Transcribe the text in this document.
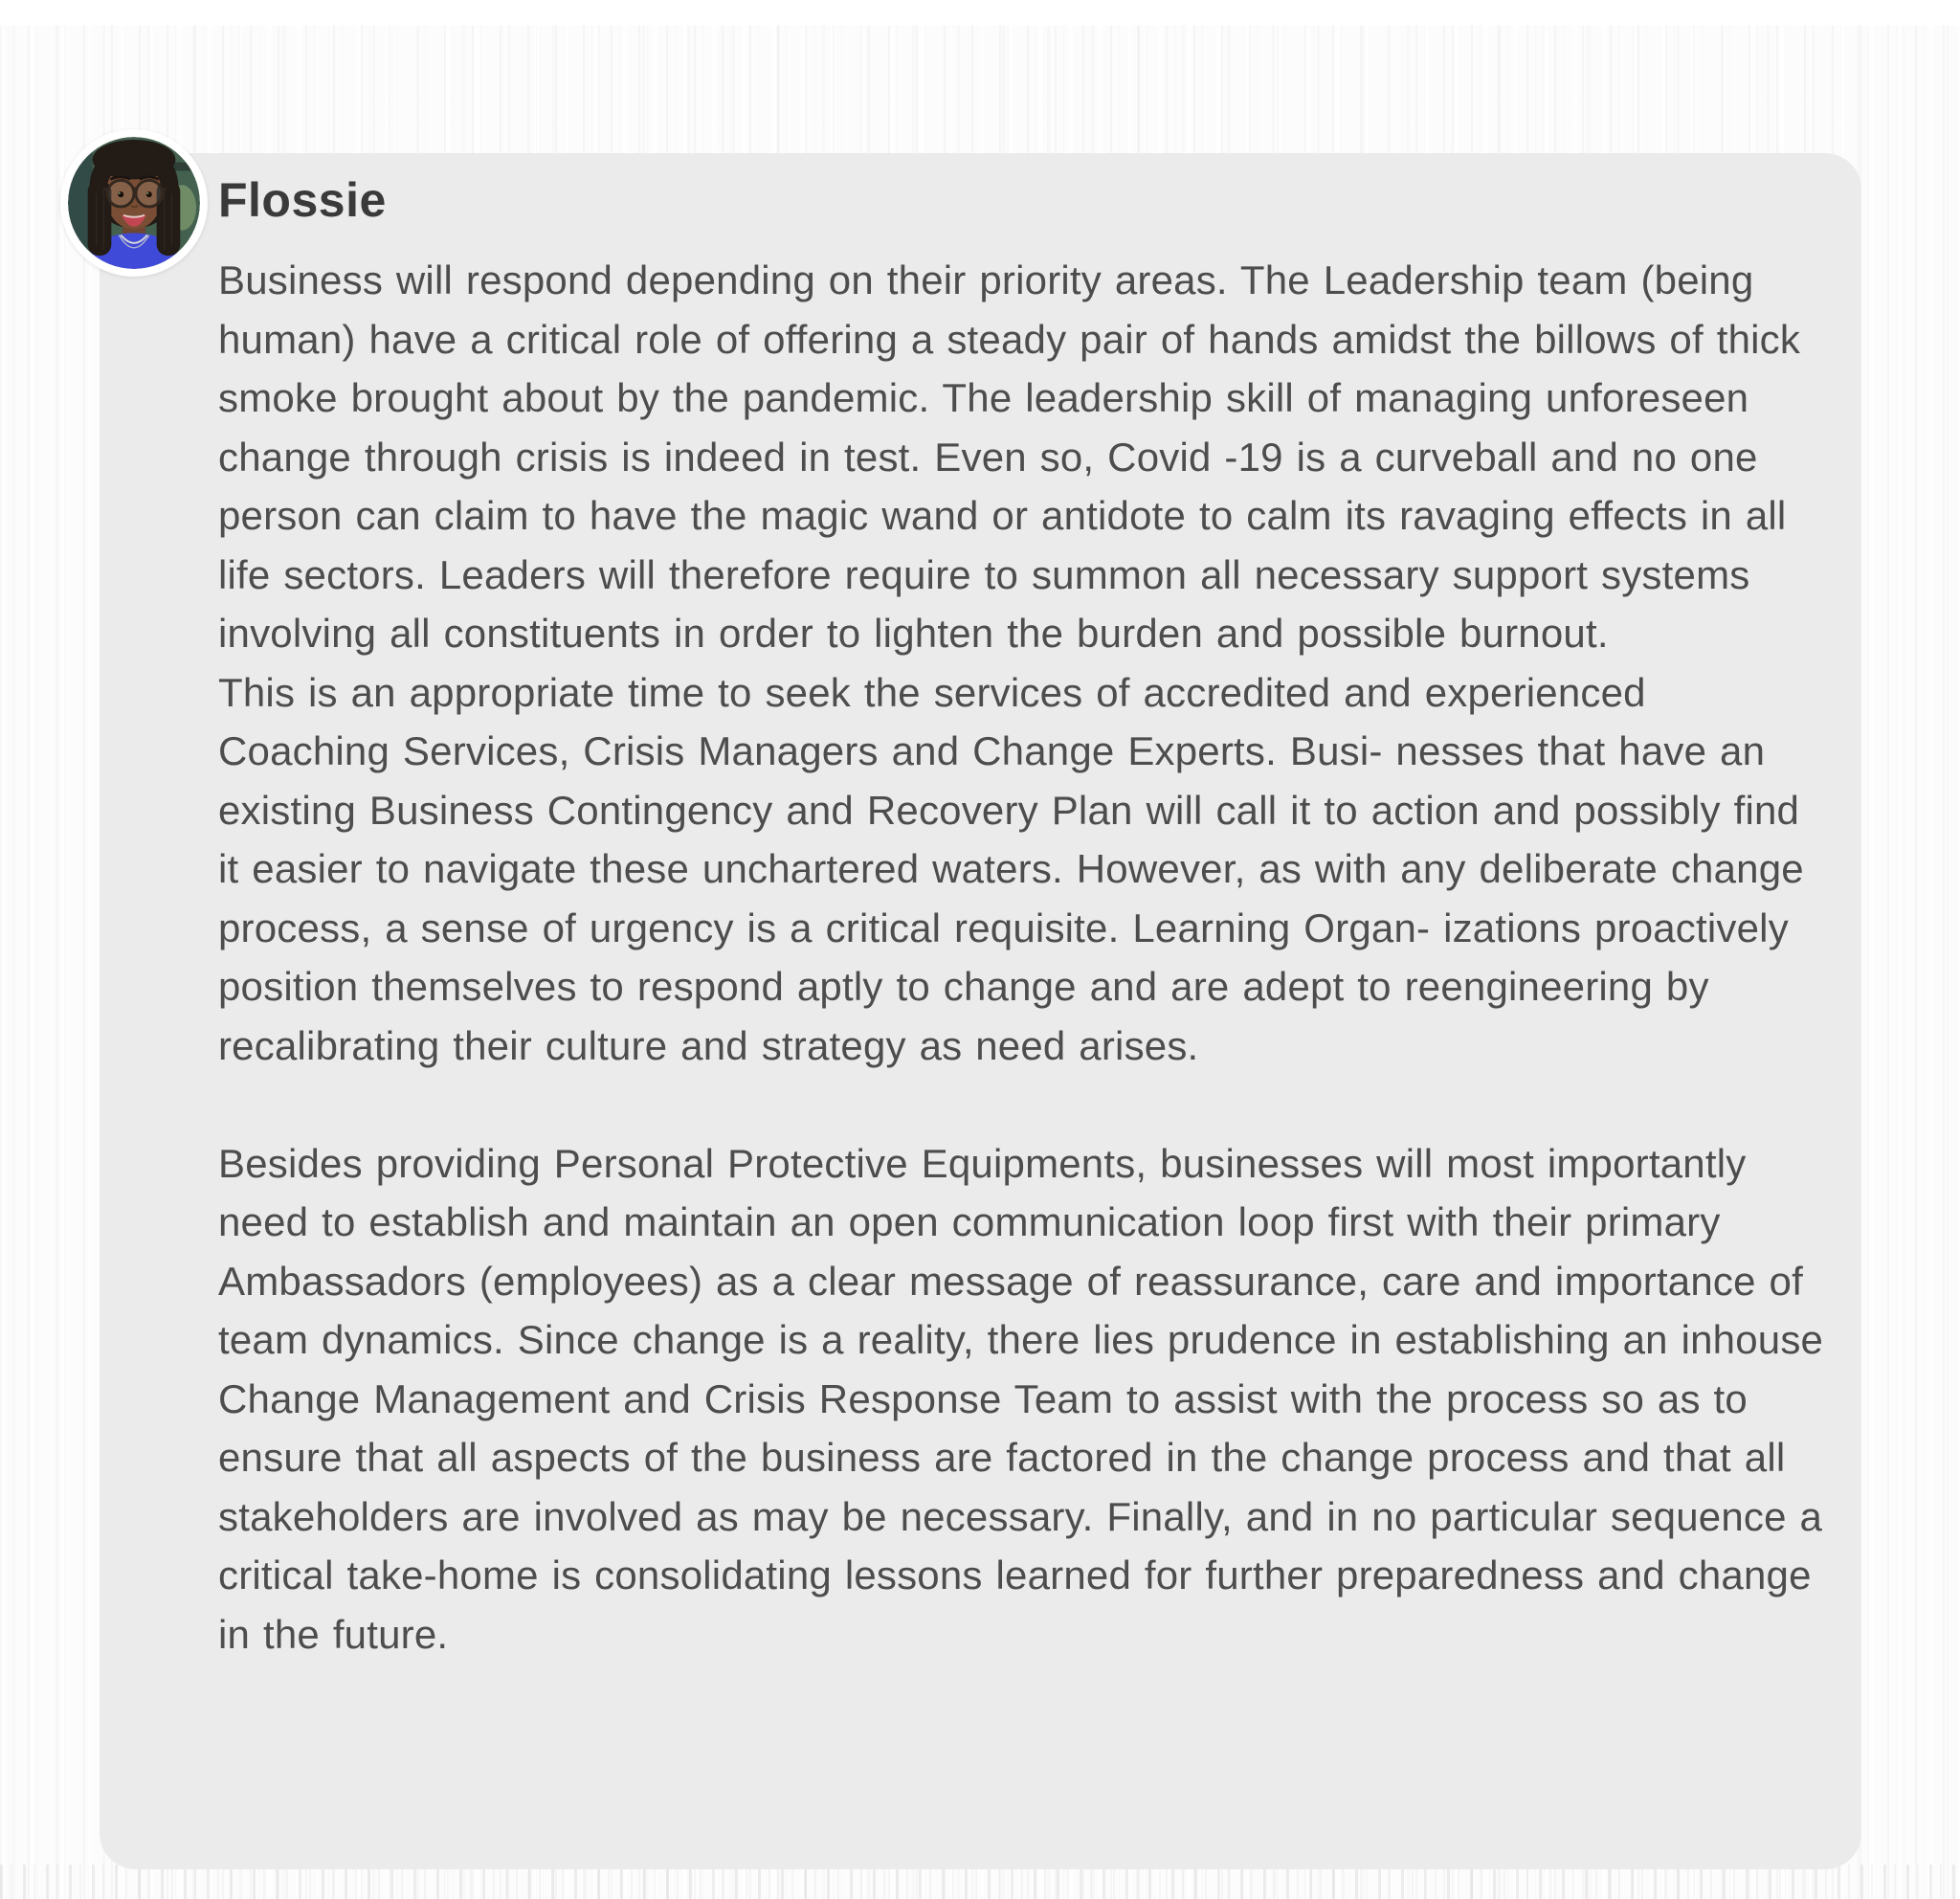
Flossie

Business will respond depending on their priority areas. The Leadership team (being human) have a critical role of offering a steady pair of hands amidst the billows of thick smoke brought about by the pandemic. The leadership skill of managing unforeseen change through crisis is indeed in test. Even so, Covid -19 is a curveball and no one person can claim to have the magic wand or antidote to calm its ravaging effects in all life sectors. Leaders will therefore require to summon all necessary support systems involving all constituents in order to lighten the burden and possible burnout.

This is an appropriate time to seek the services of accredited and experienced Coaching Services, Crisis Managers and Change Experts. Busi- nesses that have an existing Business Contingency and Recovery Plan will call it to action and possibly find it easier to navigate these unchartered waters. However, as with any deliberate change process, a sense of urgency is a critical requisite. Learning Organ- izations proactively position themselves to respond aptly to change and are adept to reengineering by recalibrating their culture and strategy as need arises.

Besides providing Personal Protective Equipments, businesses will most importantly need to establish and maintain an open communication loop first with their primary Ambassadors (employees) as a clear message of reassurance, care and importance of team dynamics. Since change is a reality, there lies prudence in establishing an inhouse Change Management and Crisis Response Team to assist with the process so as to ensure that all aspects of the business are factored in the change process and that all stakeholders are involved as may be necessary. Finally, and in no particular sequence a critical take-home is consolidating lessons learned for further preparedness and change in the future.
